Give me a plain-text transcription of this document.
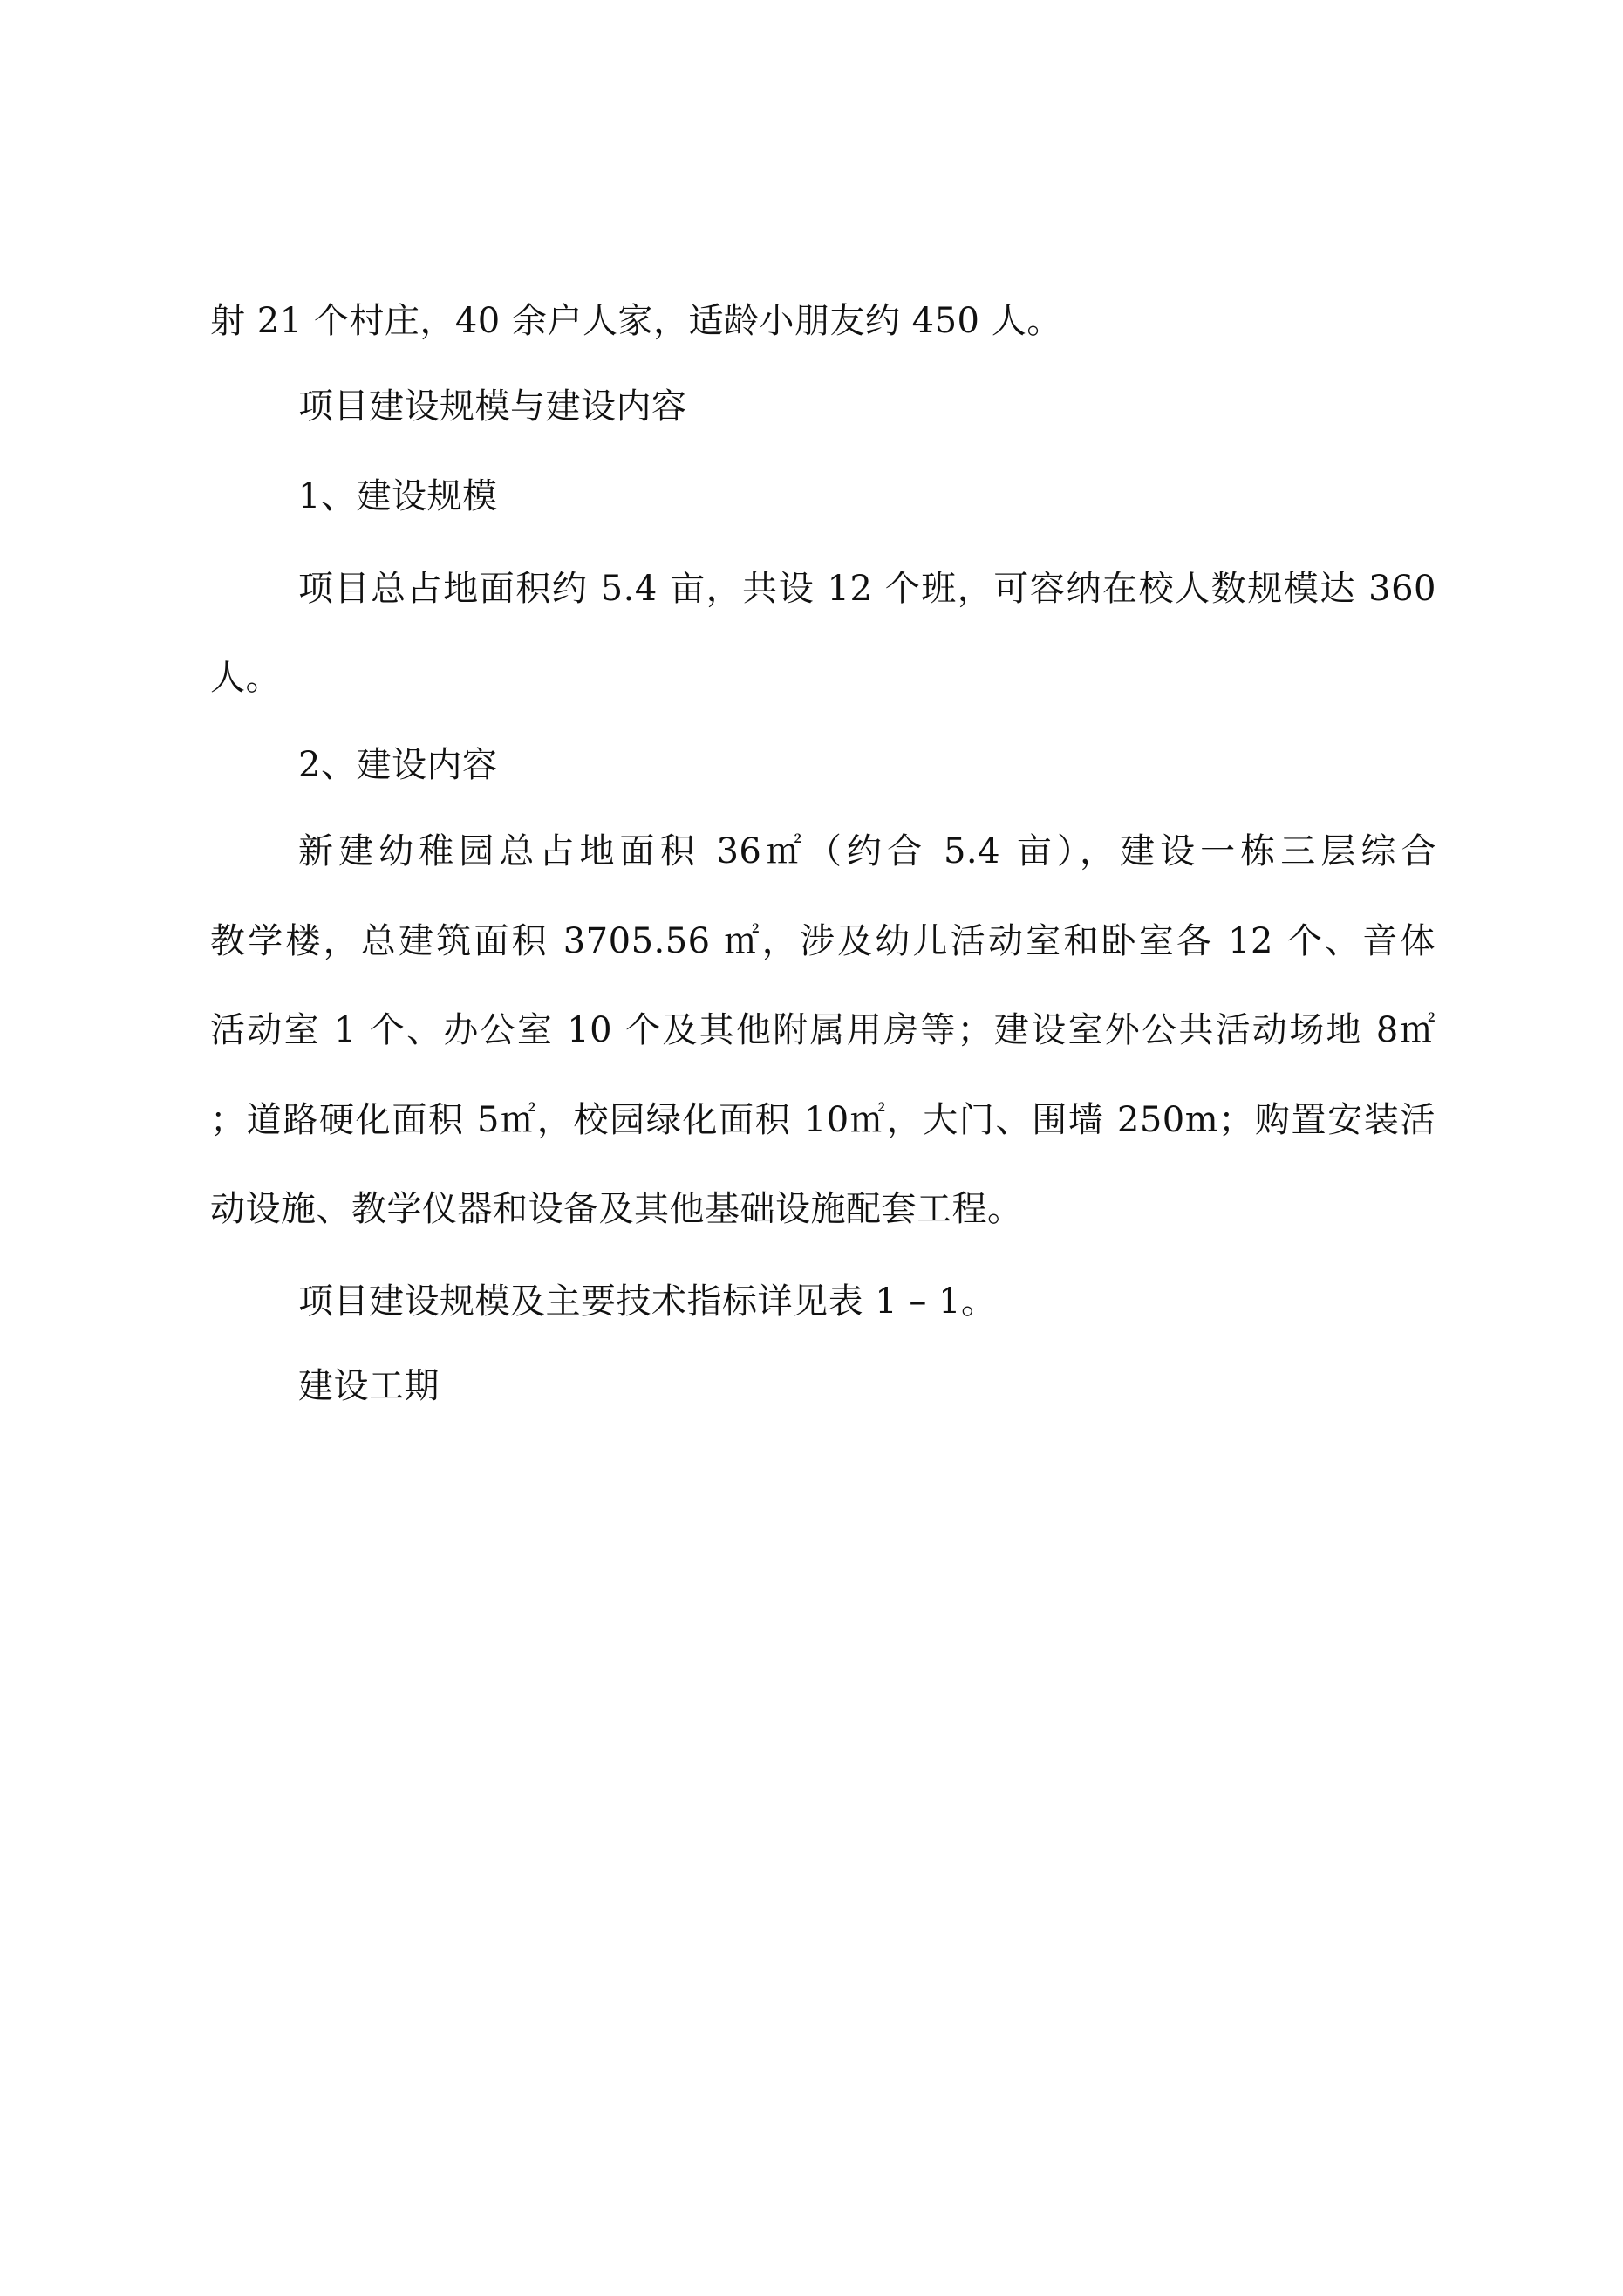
射 21 个村庄，40 余户人家，适龄小朋友约 450 人。
项目建设规模与建设内容
1、建设规模
项目总占地面积约 5.4 亩，共设 12 个班，可容纳在校人数规模达 360
人。
2、建设内容
新建幼稚园总占地面积 36㎡（约合 5.4 亩），建设一栋三层综合
教学楼，总建筑面积 3705.56 ㎡，涉及幼儿活动室和卧室各 12 个、音体
活动室 1 个、办公室 10 个及其他附属用房等；建设室外公共活动场地 8㎡
；道路硬化面积 5㎡，校园绿化面积 10㎡，大门、围墙 250m；购置安装活
动设施、教学仪器和设备及其他基础设施配套工程。
项目建设规模及主要技术指标详见表 1 – 1。
建设工期
